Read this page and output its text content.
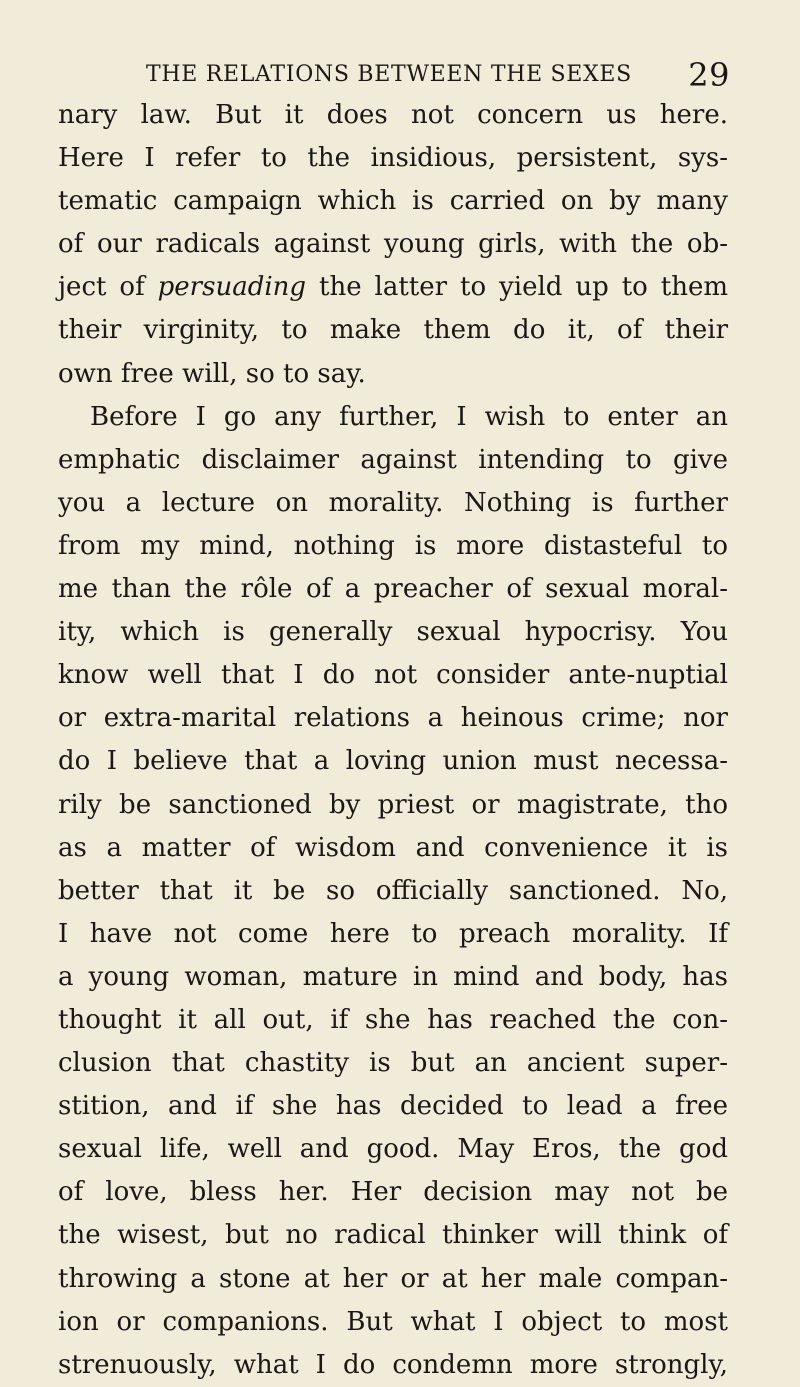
THE RELATIONS BETWEEN THE SEXES 29
nary law. But it does not concern us here.
Here I refer to the insidious, persistent, sys-
tematic campaign which is carried on by many
of our radicals against young girls, with the ob-
ject of persuading the latter to yield up to them
their virginity, to make them do it, of their
own free will, so to say.
Before I go any further, I wish to enter an
emphatic disclaimer against intending to give
you a lecture on morality. Nothing is further
from my mind, nothing is more distasteful to
me than the rôle of a preacher of sexual moral-
ity, which is generally sexual hypocrisy. You
know well that I do not consider ante-nuptial
or extra-marital relations a heinous crime; nor
do I believe that a loving union must necessa-
rily be sanctioned by priest or magistrate, tho
as a matter of wisdom and convenience it is
better that it be so officially sanctioned. No,
I have not come here to preach morality. If
a young woman, mature in mind and body, has
thought it all out, if she has reached the con-
clusion that chastity is but an ancient super-
stition, and if she has decided to lead a free
sexual life, well and good. May Eros, the god
of love, bless her. Her decision may not be
the wisest, but no radical thinker will think of
throwing a stone at her or at her male compan-
ion or companions. But what I object to most
strenuously, what I do condemn more strongly,
